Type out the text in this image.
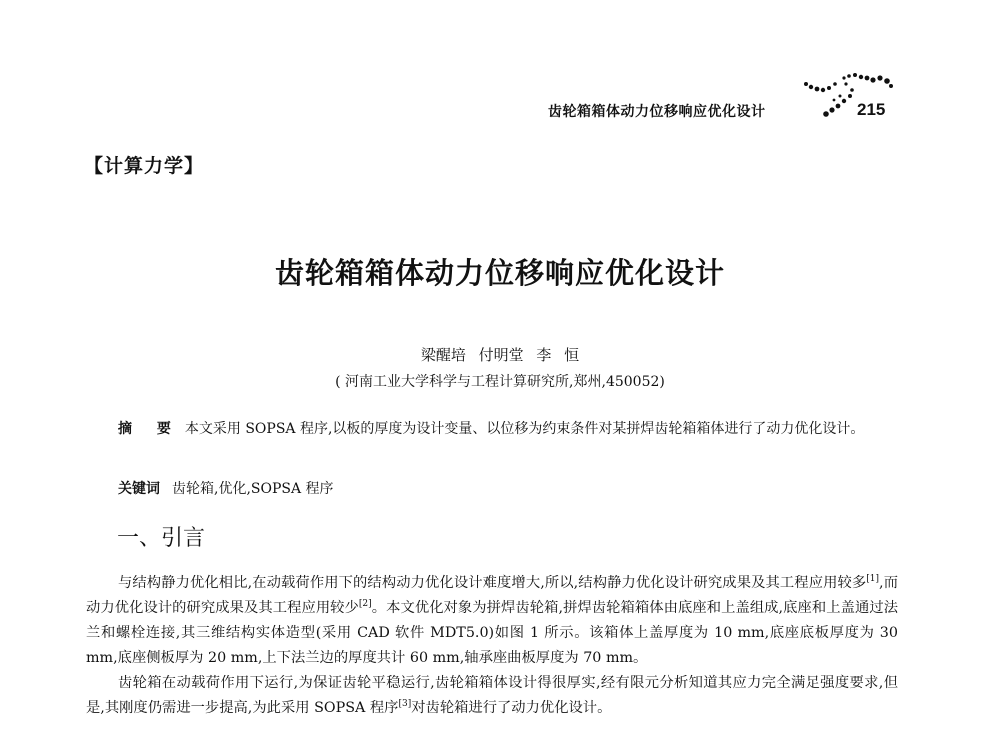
齿轮箱箱体动力位移响应优化设计	215
【计算力学】
齿轮箱箱体动力位移响应优化设计
梁醒培 付明堂 李 恒
( 河南工业大学科学与工程计算研究所,郑州,450052)
摘 要 本文采用 SOPSA 程序,以板的厚度为设计变量、以位移为约束条件对某拼焊齿轮箱箱体进行了动力优化设计。
关键词 齿轮箱,优化,SOPSA 程序
一、引言
与结构静力优化相比,在动载荷作用下的结构动力优化设计难度增大,所以,结构静力优化设计研究成果及其工程应用较多[1],而动力优化设计的研究成果及其工程应用较少[2]。本文优化对象为拼焊齿轮箱,拼焊齿轮箱箱体由底座和上盖组成,底座和上盖通过法兰和螺栓连接,其三维结构实体造型(采用 CAD 软件 MDT5.0)如图 1 所示。该箱体上盖厚度为 10 mm,底座底板厚度为 30 mm,底座侧板厚为 20 mm,上下法兰边的厚度共计 60 mm,轴承座曲板厚度为 70 mm。
齿轮箱在动载荷作用下运行,为保证齿轮平稳运行,齿轮箱箱体设计得很厚实,经有限元分析知道其应力完全满足强度要求,但是,其刚度仍需进一步提高,为此采用 SOPSA 程序[3]对齿轮箱进行了动力优化设计。
